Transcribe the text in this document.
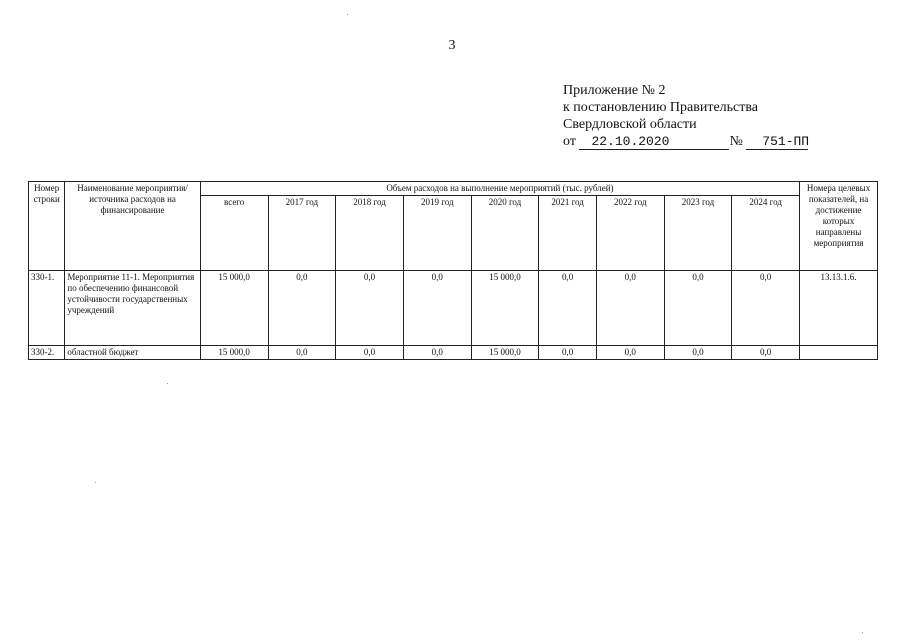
3
Приложение № 2
к постановлению Правительства
Свердловской области
от 22.10.2020	№ 751-ПП
Номер строки	Наименование мероприятия/ источника расходов на финансирование	Объем расходов на выполнение мероприятий (тыс. рублей)									Номера целевых показателей, на достижение которых направлены мероприятия
		всего	2017 год	2018 год	2019 год	2020 год	2021 год	2022 год	2023 год	2024 год	
330-1.	Мероприятие 11-1. Мероприятия по обеспечению финансовой устойчивости государственных учреждений	15 000,0	0,0	0,0	0,0	15 000,0	0,0	0,0	0,0	0,0	13.13.1.6.
330-2.	областной бюджет	15 000,0	0,0	0,0	0,0	15 000,0	0,0	0,0	0,0	0,0	
